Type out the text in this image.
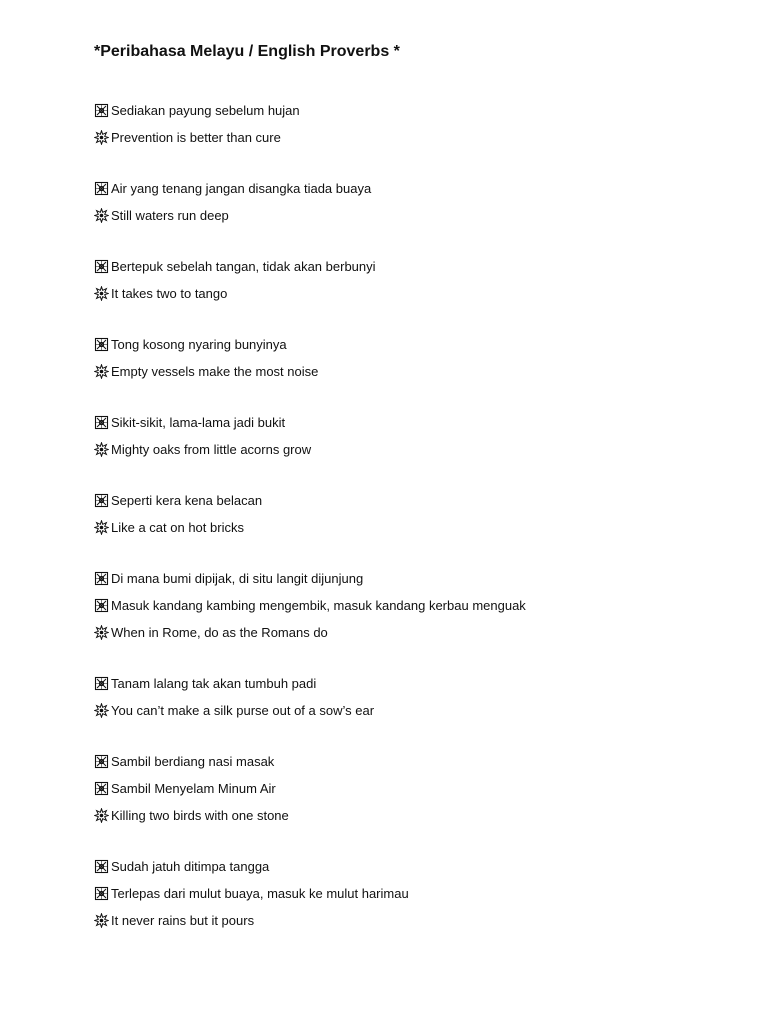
*Peribahasa Melayu / English Proverbs *
Sediakan payung sebelum hujan
Prevention is better than cure
Air yang tenang jangan disangka tiada buaya
Still waters run deep
Bertepuk sebelah tangan, tidak akan berbunyi
It takes two to tango
Tong kosong nyaring bunyinya
Empty vessels make the most noise
Sikit-sikit, lama-lama jadi bukit
Mighty oaks from little acorns grow
Seperti kera kena belacan
Like a cat on hot bricks
Di mana bumi dipijak, di situ langit dijunjung
Masuk kandang kambing mengembik, masuk kandang kerbau menguak
When in Rome, do as the Romans do
Tanam lalang tak akan tumbuh padi
You can’t make a silk purse out of a sow’s ear
Sambil berdiang nasi masak
Sambil Menyelam Minum Air
Killing two birds with one stone
Sudah jatuh ditimpa tangga
Terlepas dari mulut buaya, masuk ke mulut harimau
It never rains but it pours
